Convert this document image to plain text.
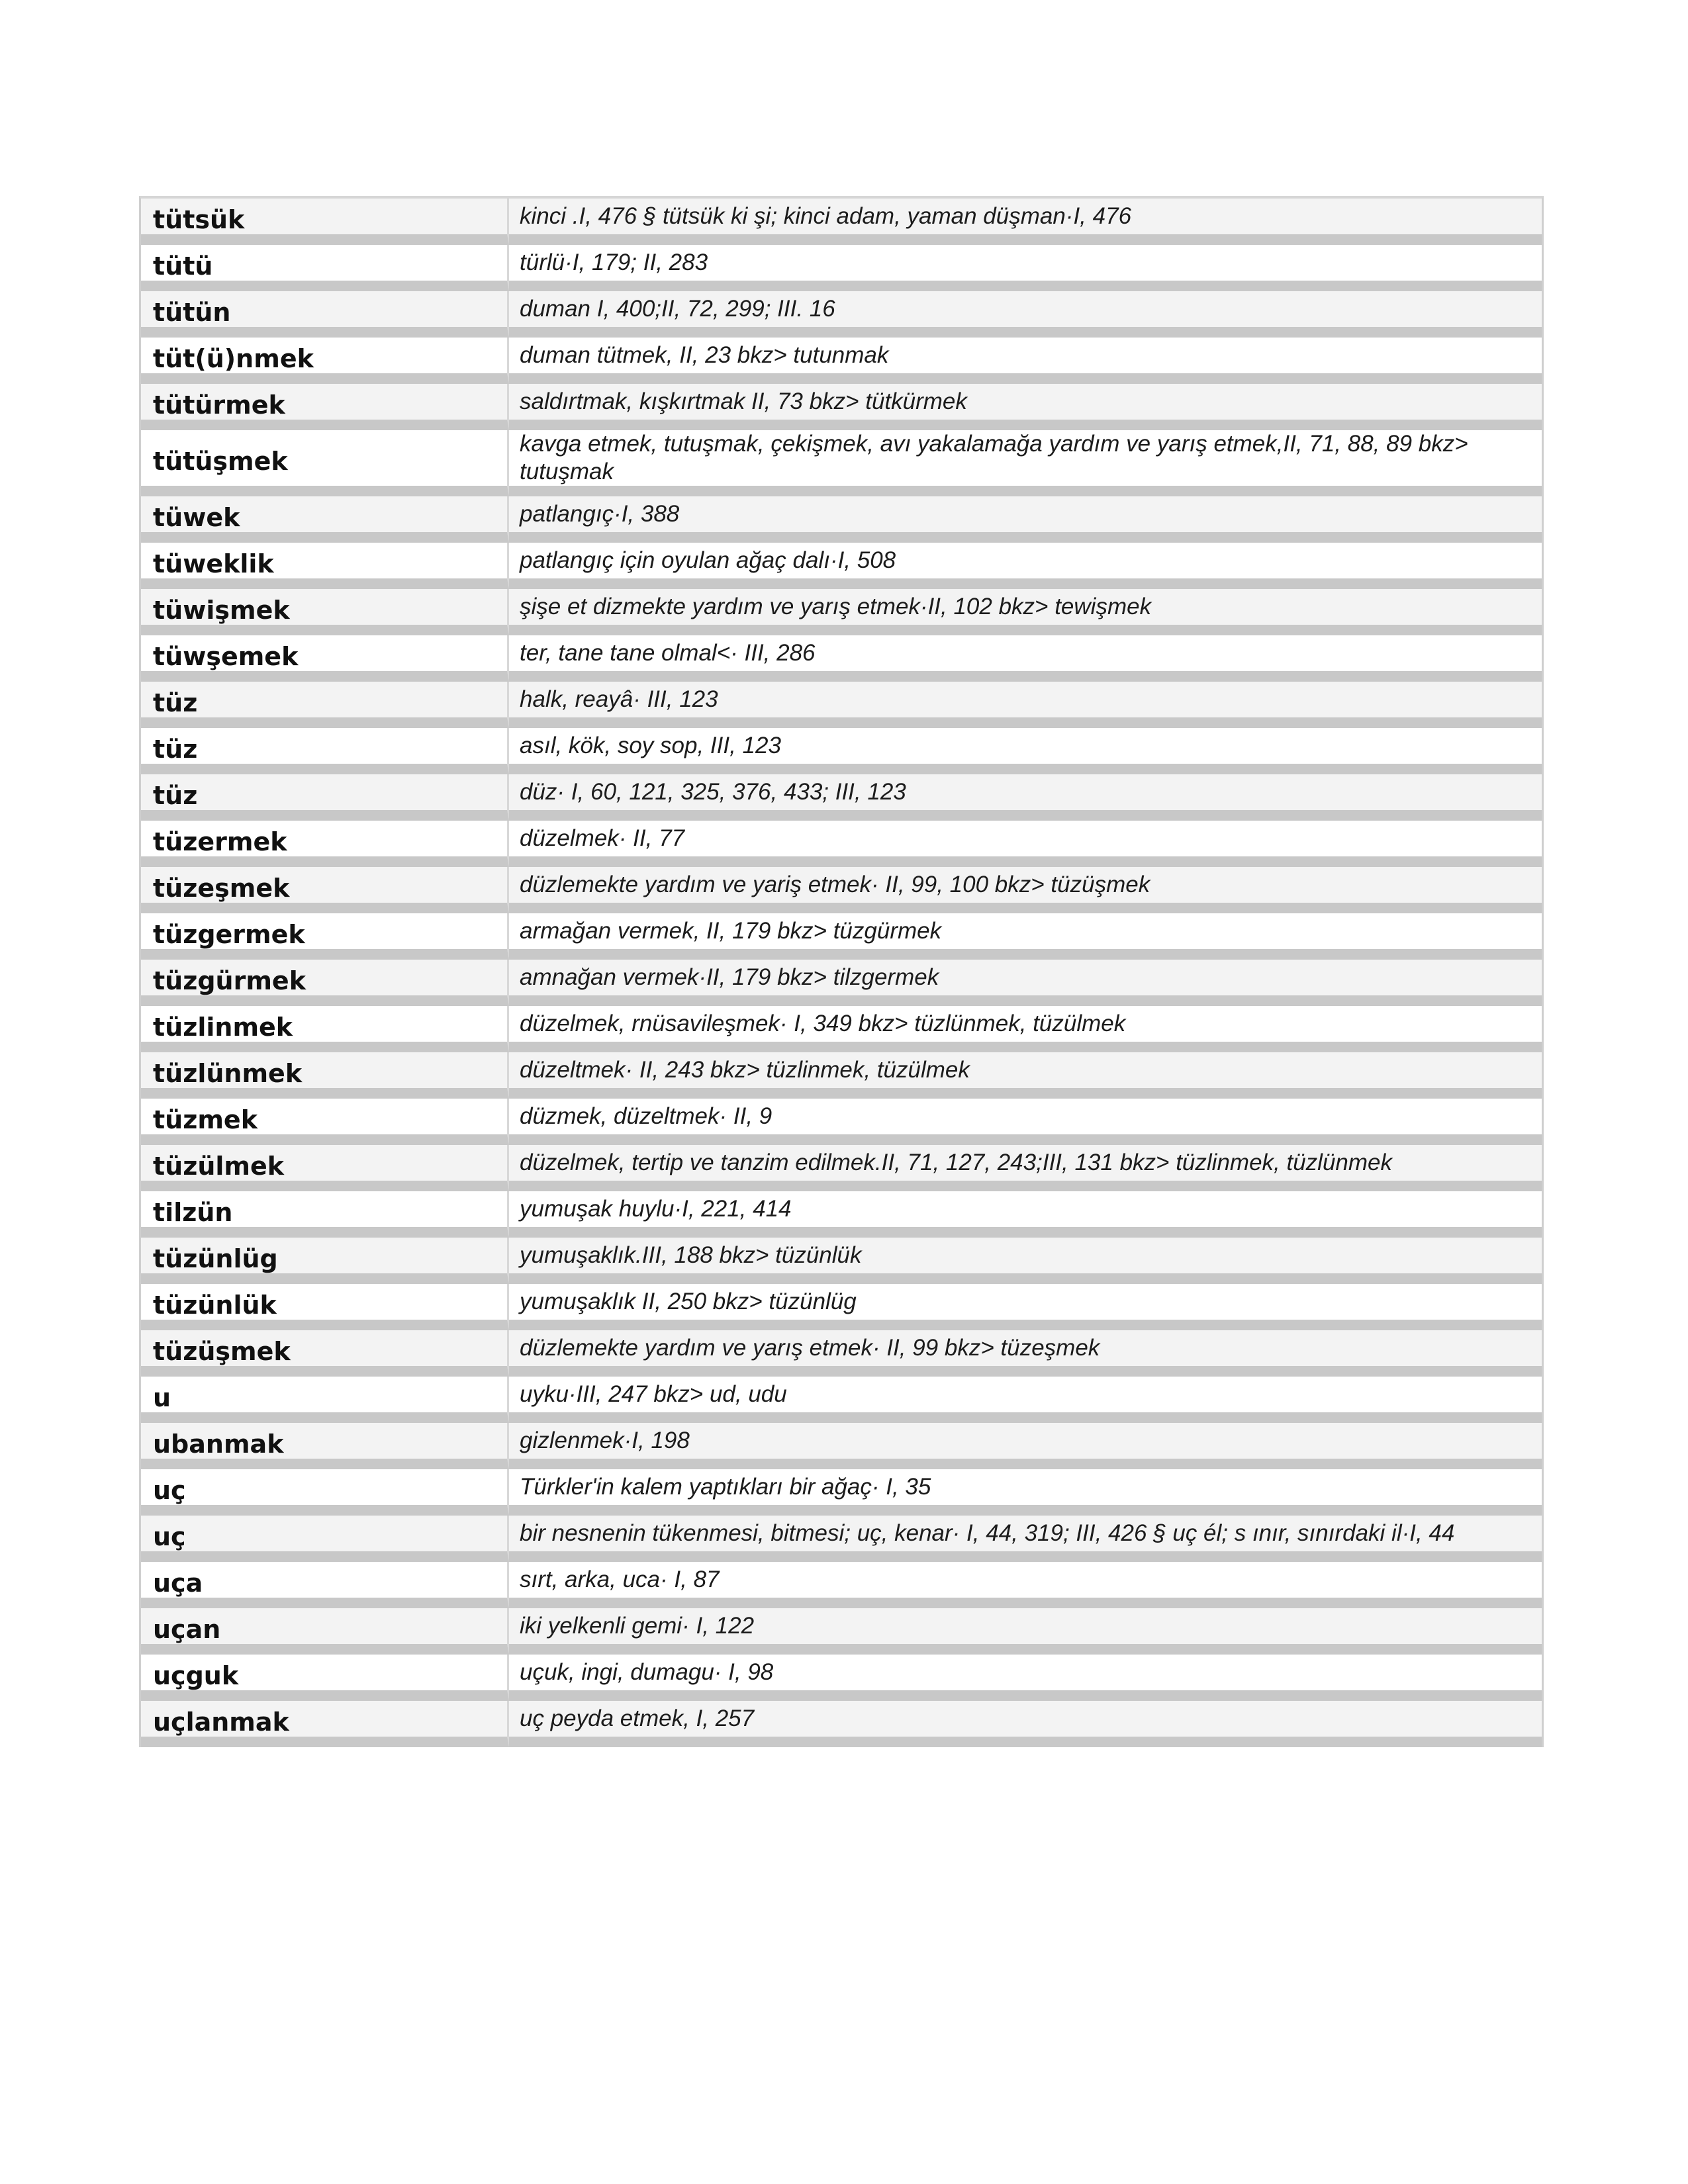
tütsük	kinci .I, 476 § tütsük ki şi; kinci adam, yaman düşman·I, 476
tütü	türlü·I, 179; II, 283
tütün	duman I, 400;II, 72, 299; III. 16
tüt(ü)nmek	duman tütmek, II, 23 bkz> tutunmak
tütürmek	saldırtmak, kışkırtmak II, 73 bkz> tütkürmek
tütüşmek	kavga etmek, tutuşmak, çekişmek, avı yakalamağa yardım ve yarış etmek,II, 71, 88, 89 bkz> tutuşmak
tüwek	patlangıç·I, 388
tüweklik	patlangıç için oyulan ağaç dalı·I, 508
tüwişmek	şişe et dizmekte yardım ve yarış etmek·II, 102 bkz> tewişmek
tüwşemek	ter, tane tane olmal<· III, 286
tüz	halk, reayâ· III, 123
tüz	asıl, kök, soy sop, III, 123
tüz	düz· I, 60, 121, 325, 376, 433; III, 123
tüzermek	düzelmek· II, 77
tüzeşmek	düzlemekte yardım ve yariş etmek· II, 99, 100 bkz> tüzüşmek
tüzgermek	armağan vermek, II, 179 bkz> tüzgürmek
tüzgürmek	amnağan vermek·II, 179 bkz> tilzgermek
tüzlinmek	düzelmek, rnüsavileşmek· I, 349 bkz> tüzlünmek, tüzülmek
tüzlünmek	düzeltmek· II, 243 bkz> tüzlinmek, tüzülmek
tüzmek	düzmek, düzeltmek· II, 9
tüzülmek	düzelmek, tertip ve tanzim edilmek.II, 71, 127, 243;III, 131 bkz> tüzlinmek, tüzlünmek
tilzün	yumuşak huylu·I, 221, 414
tüzünlüg	yumuşaklık.III, 188 bkz> tüzünlük
tüzünlük	yumuşaklık II, 250 bkz> tüzünlüg
tüzüşmek	düzlemekte yardım ve yarış etmek· II, 99 bkz> tüzeşmek
u	uyku·III, 247 bkz> ud, udu
ubanmak	gizlenmek·I, 198
uç	Türkler'in kalem yaptıkları bir ağaç· I, 35
uç	bir nesnenin tükenmesi, bitmesi; uç, kenar· I, 44, 319; III, 426 § uç él; s ınır, sınırdaki il·I, 44
uça	sırt, arka, uca· I, 87
uçan	iki yelkenli gemi· I, 122
uçguk	uçuk, ingi, dumagu· I, 98
uçlanmak	uç peyda etmek, I, 257
